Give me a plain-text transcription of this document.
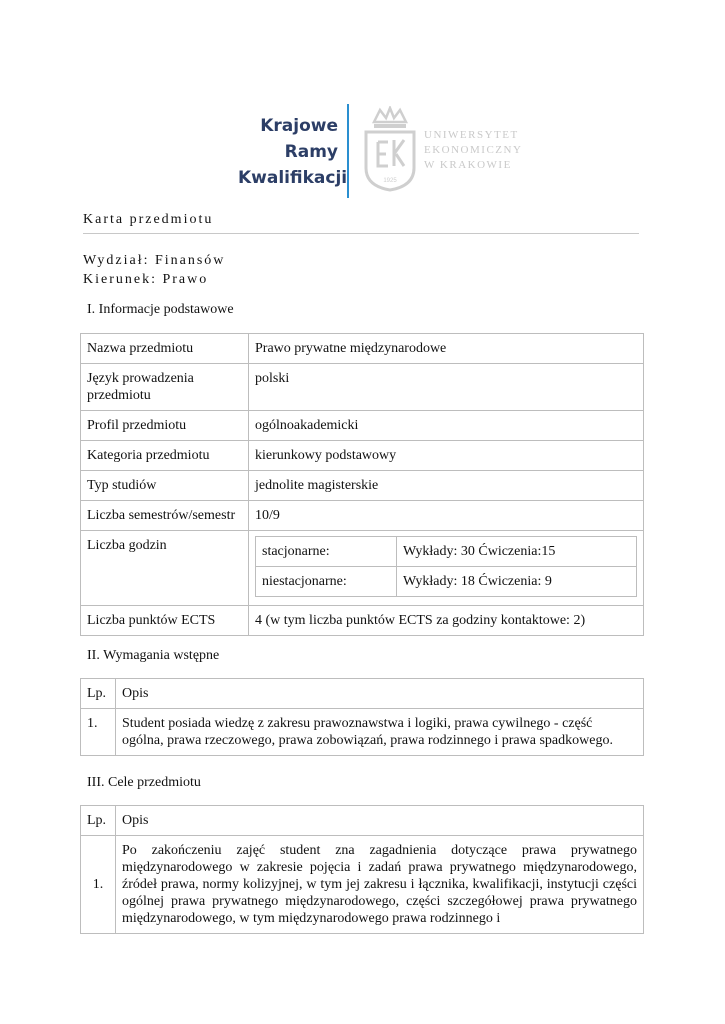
Krajowe
Ramy
Kwalifikacji	1925
UNIWERSYTET
EKONOMICZNY
W KRAKOWIE
Karta przedmiotu
Wydział: Finansów
Kierunek: Prawo
I. Informacje podstawowe
Nazwa przedmiotu	Prawo prywatne międzynarodowe
Język prowadzenia przedmiotu	polski
Profil przedmiotu	ogólnoakademicki
Kategoria przedmiotu	kierunkowy podstawowy
Typ studiów	jednolite magisterskie
Liczba semestrów/semestr	10/9
Liczba godzin		stacjonarne:	Wykłady: 30 Ćwiczenia:15
niestacjonarne:	Wykłady: 18 Ćwiczenia: 9

Liczba punktów ECTS	4 (w tym liczba punktów ECTS za godziny kontaktowe: 2)
II. Wymagania wstępne
Lp.	Opis
1.	Student posiada wiedzę z zakresu prawoznawstwa i logiki, prawa cywilnego - część ogólna, prawa rzeczowego, prawa zobowiązań, prawa rodzinnego i prawa spadkowego.
III. Cele przedmiotu
Lp.	Opis
1.	Po zakończeniu zajęć student zna zagadnienia dotyczące prawa prywatnego międzynarodowego w zakresie pojęcia i zadań prawa prywatnego międzynarodowego, źródeł prawa, normy kolizyjnej, w tym jej zakresu i łącznika, kwalifikacji, instytucji części ogólnej prawa prywatnego międzynarodowego, części szczegółowej prawa prywatnego międzynarodowego, w tym międzynarodowego prawa rodzinnego i
